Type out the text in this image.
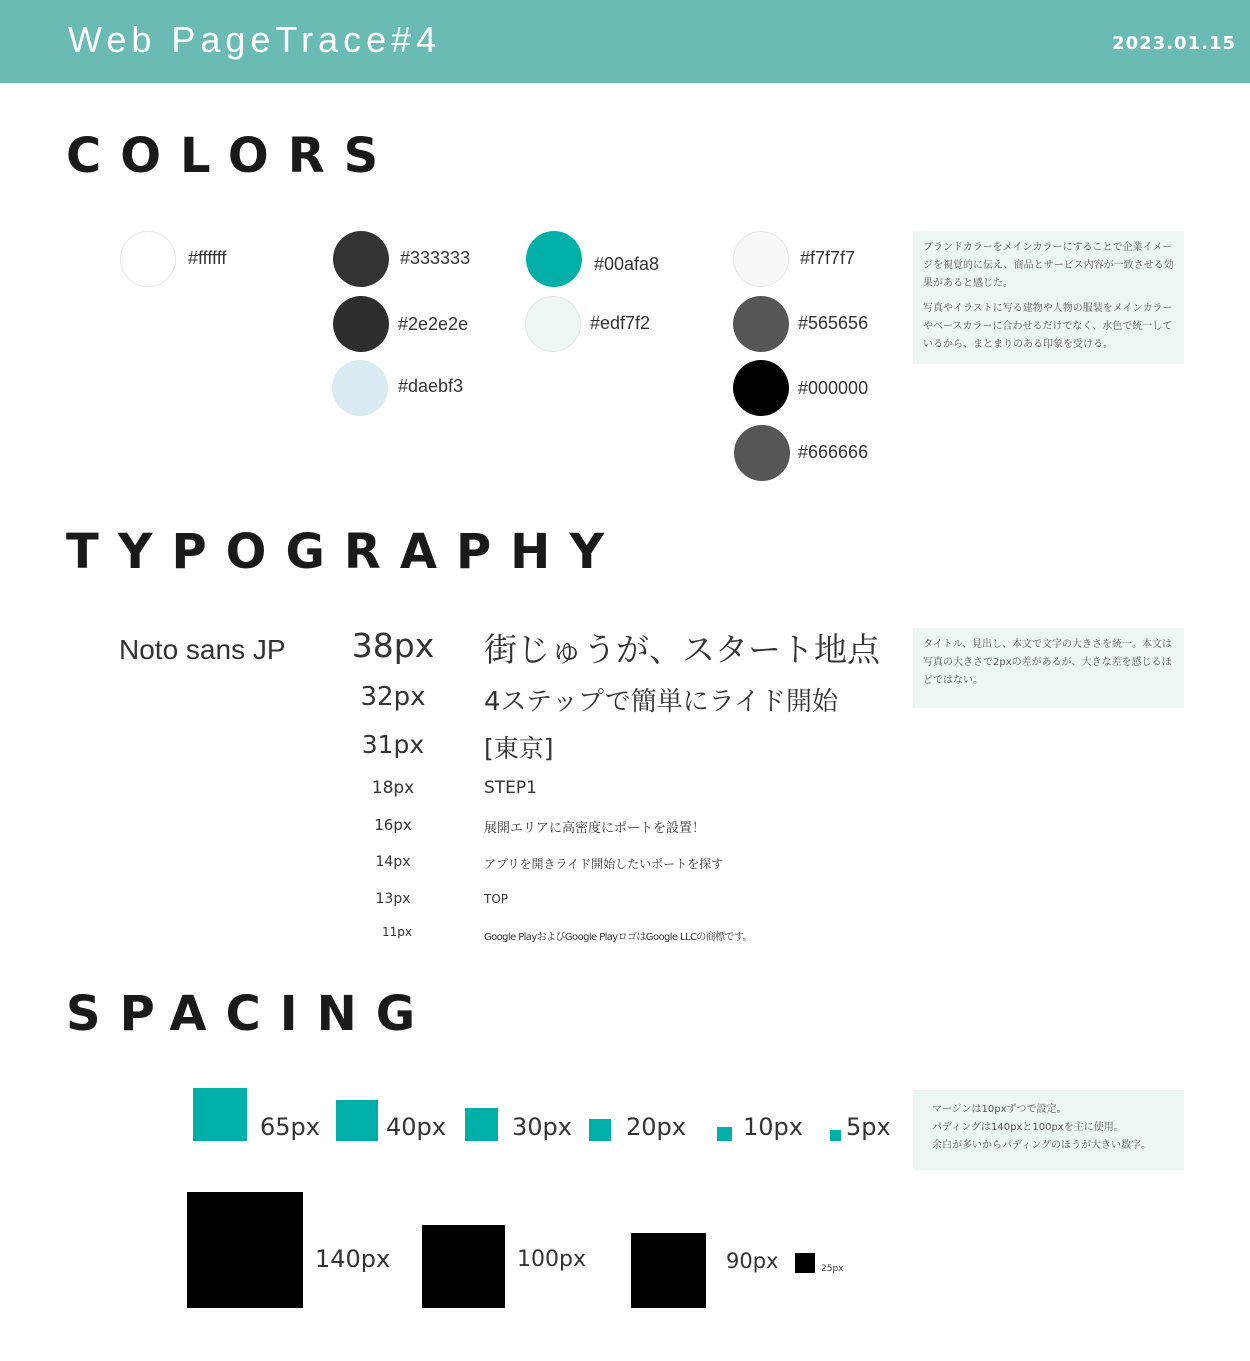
Web PageTrace#4	2023.01.15
COLORS
#ffffff	#333333
#2e2e2e
#daebf3
#00afa8
#edf7f2
#f7f7f7
#565656
#000000
#666666

ブランドカラーをメインカラーにすることで企業イメージを視覚的に伝え、商品とサービス内容が一致させる効果があると感じた。

写真やイラストに写る建物や人物の服装をメインカラーやベースカラーに合わせるだけでなく、水色で統一しているから、まとまりのある印象を受ける。

TYPOGRAPHY
Noto sans JP	38px	街じゅうが、スタート地点
32px	4ステップで簡単にライド開始
31px	[東京]
18px	STEP1
16px	展開エリアに高密度にポートを設置！
14px	アプリを開きライド開始したいポートを探す
13px	TOP
11px	Google PlayおよびGoogle PlayロゴはGoogle LLCの商標です。

タイトル、見出し、本文で文字の大きさを統一。本文は写真の大きさで2pxの差があるが、大きな差を感じるほどではない。

SPACING
65px	40px	30px 20px 10px 5px
140px	100px	90px	25px

マージンは10pxずつで設定。

パディングは140pxと100pxを主に使用。

余白が多いからパディングのほうが大きい数字。
